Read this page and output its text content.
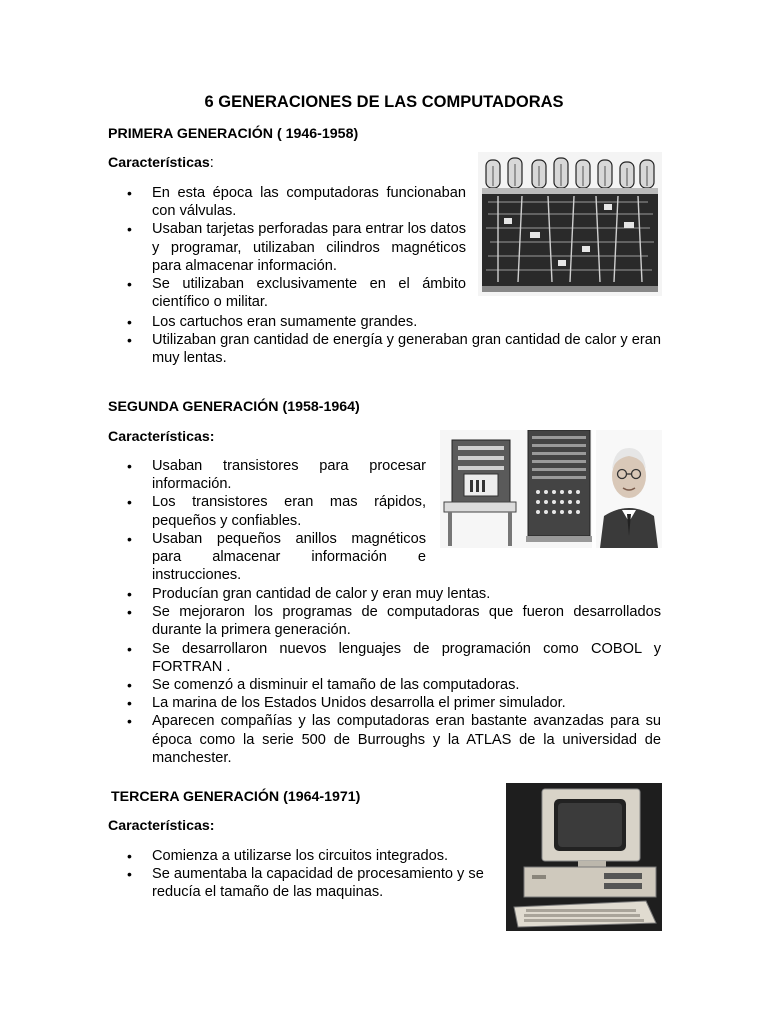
6 GENERACIONES DE LAS COMPUTADORAS
PRIMERA GENERACIÓN ( 1946-1958)
Características:
• En esta época las computadoras funcionaban con válvulas.
• Usaban tarjetas perforadas para entrar los datos y programar, utilizaban cilindros magnéticos para almacenar información.
• Se utilizaban exclusivamente en el ámbito científico o militar.
• Los cartuchos eran sumamente grandes.
• Utilizaban gran cantidad de energía y generaban gran cantidad de calor y eran muy lentas.
SEGUNDA GENERACIÓN (1958-1964)
Características:
• Usaban transistores para procesar información.
• Los transistores eran mas rápidos, pequeños y confiables.
• Usaban pequeños anillos magnéticos para almacenar información e instrucciones.
• Producían gran cantidad de calor y eran muy lentas.
• Se mejoraron los programas de computadoras que fueron desarrollados durante la primera generación.
• Se desarrollaron nuevos lenguajes de programación como COBOL y FORTRAN .
• Se comenzó a disminuir el tamaño de las computadoras.
• La marina de los Estados Unidos desarrolla el primer simulador.
• Aparecen compañías y las computadoras eran bastante avanzadas para su época como la serie 500 de Burroughs y la ATLAS de la universidad de manchester.
TERCERA GENERACIÓN (1964-1971)
Características:
• Comienza a utilizarse los circuitos integrados.
• Se aumentaba la capacidad de procesamiento y se reducía el tamaño de las maquinas.
